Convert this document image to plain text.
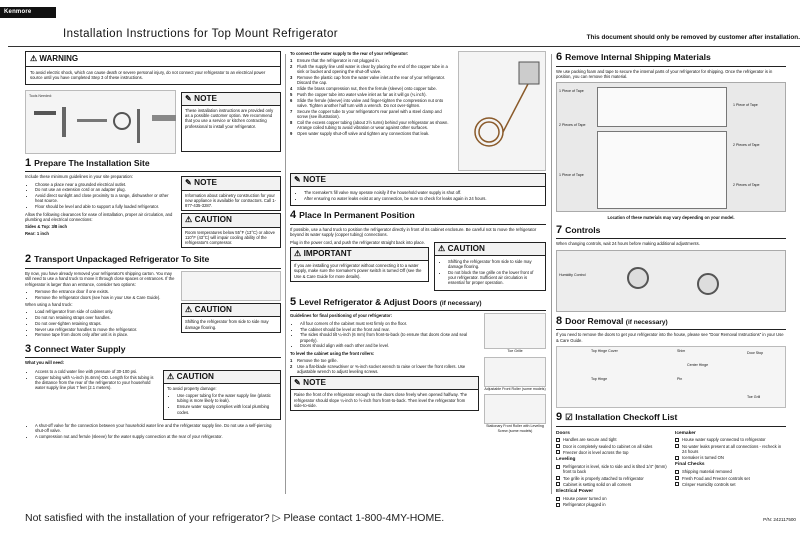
Kenmore
Installation Instructions for Top Mount Refrigerator	This document should only be removed by customer after installation.
⚠ WARNING
To avoid electric shock, which can cause death or severe personal injury, do not connect your refrigerator to an electrical power source until you have completed Step 3 of these instructions.
Tools Needed:	✎ NOTE
These installation instructions are provided only as a possible customer option. We recommend that you use a service or kitchen contracting professional to install your refrigerator.
1 Prepare The Installation Site

Include these minimum guidelines in your site preparation:

• Choose a place near a grounded electrical outlet.
• Do not use an extension cord or an adapter plug.
• Avoid direct sunlight and close proximity to a range, dishwasher or other heat source.
• Floor should be level and able to support a fully loaded refrigerator.

Allow the following clearances for ease of installation, proper air circulation, and plumbing and electrical connections:

Sides & Top: 3/8 inch

Rear: 1 inch

✎ NOTE
Information about cabinetry construction for your new appliance is available for contractors. Call 1-877-435-3287.
⚠ CAUTION
Room temperatures below 55°F (13°C) or above 110°F (43°C) will impair cooling ability of the refrigerator's compressor.
2 Transport Unpackaged Refrigerator To Site

By now, you have already removed your refrigerator's shipping carton. You may still need to use a hand truck to move it through close spaces or entrances. If the refrigerator is larger than an entrance, consider two options:

• Remove the entrance door if one exists.
• Remove the refrigerator doors (see how in your Use & Care Guide).

When using a hand truck:

• Load refrigerator from side of cabinet only.
• Do not run retaining straps over handles.
• Do not over-tighten retaining straps.
• Never use refrigerator handles to move the refrigerator.
• Remove tape from doors only after unit is in place.
⚠ CAUTION
Shifting the refrigerator from side to side may damage flooring.
3 Connect Water Supply

What you will need:

• Access to a cold water line with pressure of 30-100 psi.
• Copper tubing with ¼-inch (6.4mm) OD. Length for this tubing is the distance from the rear of the refrigerator to your household water supply line plus 7 feet (2.1 meters).
⚠ CAUTION

To avoid property damage:

• Use copper tubing for the water supply line (plastic tubing is more likely to leak).
• Ensure water supply complies with local plumbing codes.
• A shut-off valve for the connection between your household water line and the refrigerator supply line. Do not use a self-piercing shut-off valve.
• A compression nut and ferrule (sleeve) for the water supply connection at the rear of your refrigerator.

To connect the water supply to the rear of your refrigerator:

1	Ensure that the refrigerator is not plugged in.
2	Flush the supply line until water is clear by placing the end of the copper tube in a sink or bucket and opening the shut-off valve.
3	Remove the plastic cap from the water valve inlet at the rear of your refrigerator. Discard the cap.
4	Slide the brass compression nut, then the ferrule (sleeve) onto copper tube.
5	Push the copper tube into water valve inlet as far as it will go (¼ inch).
6	Slide the ferrule (sleeve) into valve and finger-tighten the compression nut onto valve. Tighten another half turn with a wrench. Do not over-tighten.
7	Secure the copper tube to your refrigerator's rear panel with a steel clamp and screw (see illustration).
8	Coil the excess copper tubing (about 2½ turns) behind your refrigerator as shown. Arrange coiled tubing to avoid vibration or wear against other surfaces.
9	Open water supply shut-off valve and tighten any connections that leak.
✎ NOTE
• The Icemaker's fill valve may operate noisily if the household water supply is shut off.
• After ensuring no water leaks exist at any connection, be sure to check for leaks again in 24 hours.
4 Place In Permanent Position

If possible, use a hand truck to position the refrigerator directly in front of its cabinet enclosure. Be careful not to move the refrigerator beyond its water supply (copper tubing) connections.

Plug in the power cord, and push the refrigerator straight back into place.

⚠ IMPORTANT
If you are installing your refrigerator without connecting it to a water supply, make sure the Icemaker's power switch is turned Off (see the Use & Care Guide for more details).
⚠ CAUTION
• Shifting the refrigerator from side to side may damage flooring.
• Do not block the toe grille on the lower front of your refrigerator. Sufficient air circulation is essential for proper operation.
5 Level Refrigerator & Adjust Doors (if necessary)

Guidelines for final positioning of your refrigerator:

• All four corners of the cabinet must rest firmly on the floor.
• The cabinet should be level at the front and rear.
• The sides should tilt ¼-inch (6 mm) from front-to-back (to ensure that doors close and seal properly).
• Doors should align with each other and be level.

To level the cabinet using the front rollers:

1	Remove the toe grille.
2	Use a flat-blade screwdriver or ⅜-inch socket wrench to raise or lower the front rollers. Use adjustable wrench to adjust leveling screws.
✎ NOTE
Raise the front of the refrigerator enough so the doors close freely when opened halfway. The refrigerator should slope ¼-inch to ½-inch from front-to-back. Then level the refrigerator from side-to-side.

Toe Grille

Adjustable Front Roller (some models)

Stationary Front Roller with Leveling Screw (some models)

6 Remove Internal Shipping Materials

We use packing foam and tape to secure the internal parts of your refrigerator for shipping. Once the refrigerator is in position, you can remove this material.

1 Piece of Tape
2 Pieces of Tape
1 Piece of Tape
2 Pieces of Tape
1 Piece of Tape
2 Pieces of Tape

Location of these materials may vary depending on your model.

7 Controls

When changing controls, wait 24 hours before making additional adjustments.

Humidity Control
8 Door Removal (if necessary)

If you need to remove the doors to get your refrigerator into the house, please see "Door Removal Instructions" in your Use & Care Guide.

Top Hinge Cover
Top Hinge
Shim
Center Hinge
Pin
Door Stop
Toe Grill
9 ☑ Installation Checkoff List
Doors
Handles are secure and tight
Door is completely sealed to cabinet on all sides
Freezer door is level across the top
Leveling
Refrigerator is level, side to side and is tilted 1/4" (6mm) front to back
Toe grille is properly attached to refrigerator
Cabinet is setting solid on all corners
Electrical Power
House power turned on
Refrigerator plugged in
Icemaker
House water supply connected to refrigerator
No water leaks present at all connections - recheck in 24 hours
Icemaker is turned ON
Final Checks
Shipping material removed
Fresh Food and Freezer controls set
Crisper Humidity controls set
Not satisfied with the installation of your refrigerator? ▷ Please contact 1-800-4MY-HOME.	P/N: 242117500
